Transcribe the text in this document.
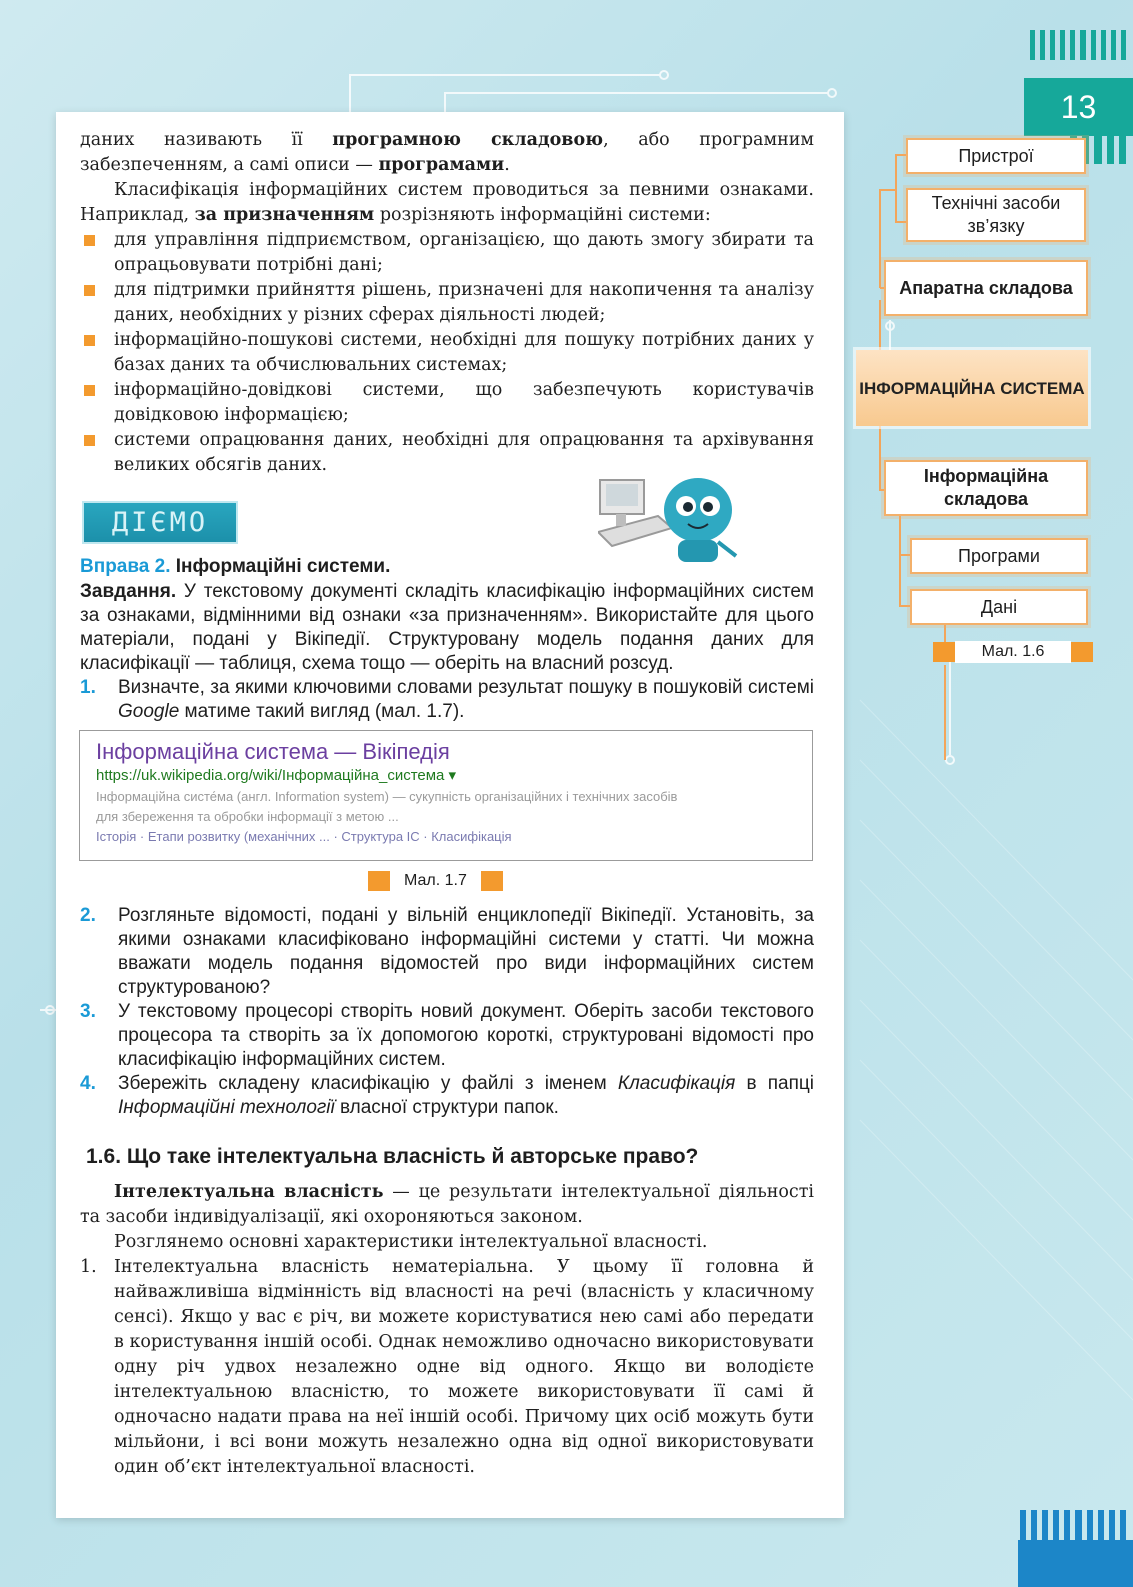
13

даних називають її програмною складовою, або програмним забезпеченням, а самі описи — програмами.

Класифікація інформаційних систем проводиться за певними ознаками. Наприклад, за призначенням розрізняють інформаційні системи:

для управління підприємством, організацією, що дають змогу збирати та опрацьовувати потрібні дані;
для підтримки прийняття рішень, призначені для накопичення та аналізу даних, необхідних у різних сферах діяльності людей;
інформаційно-пошукові системи, необхідні для пошуку потрібних даних у базах даних та обчислювальних системах;
інформаційно-довідкові системи, що забезпечують користувачів довідковою інформацією;
системи опрацювання даних, необхідні для опрацювання та архівування великих обсягів даних.
ДІЄМО
Вправа 2. Інформаційні системи.

Завдання. У текстовому документі складіть класифікацію інформаційних систем за ознаками, відмінними від ознаки «за призначенням». Використайте для цього матеріали, подані у Вікіпедії. Структуровану модель подання даних для класифікації — таблиця, схема тощо — оберіть на власний розсуд.

1. Визначте, за якими ключовими словами результат пошуку в пошуковій системі Google матиме такий вигляд (мал. 1.7).
Інформаційна система — Вікіпедія
https://uk.wikipedia.org/wiki/Інформаційна_система ▾
Інформаційна систе́ма (англ. Information system) — сукупність організаційних і технічних засобів
для збереження та обробки інформації з метою ...
Історія · Етапи розвитку (механічних ... · Структура ІС · Класифікація
Мал. 1.7
2. Розгляньте відомості, подані у вільній енциклопедії Вікіпедії. Установіть, за якими ознаками класифіковано інформаційні системи у статті. Чи можна вважати модель подання відомостей про види інформаційних систем структурованою?
3. У текстовому процесорі створіть новий документ. Оберіть засоби текстового процесора та створіть за їх допомогою короткі, структуровані відомості про класифікацію інформаційних систем.
4. Збережіть складену класифікацію у файлі з іменем Класифікація в папці Інформаційні технології власної структури папок.
1.6. Що таке інтелектуальна власність й авторське право?

Інтелектуальна власність — це результати інтелектуальної діяльності та засоби індивідуалізації, які охороняються законом.

Розглянемо основні характеристики інтелектуальної власності.

1. Інтелектуальна власність нематеріальна. У цьому її головна й найважливіша відмінність від власності на речі (власність у класичному сенсі). Якщо у вас є річ, ви можете користуватися нею самі або передати в користування іншій особі. Однак неможливо одночасно використовувати одну річ удвох незалежно одне від одного. Якщо ви володієте інтелектуальною власністю, то можете використовувати її самі й одночасно надати права на неї іншій особі. Причому цих осіб можуть бути мільйони, і всі вони можуть незалежно одна від одної використовувати один об’єкт інтелектуальної власності.
Пристрої
Технічні засоби зв’язку
Апаратна складова
ІНФОРМАЦІЙНА СИСТЕМА
Інформаційна складова
Програми
Дані
Мал. 1.6
